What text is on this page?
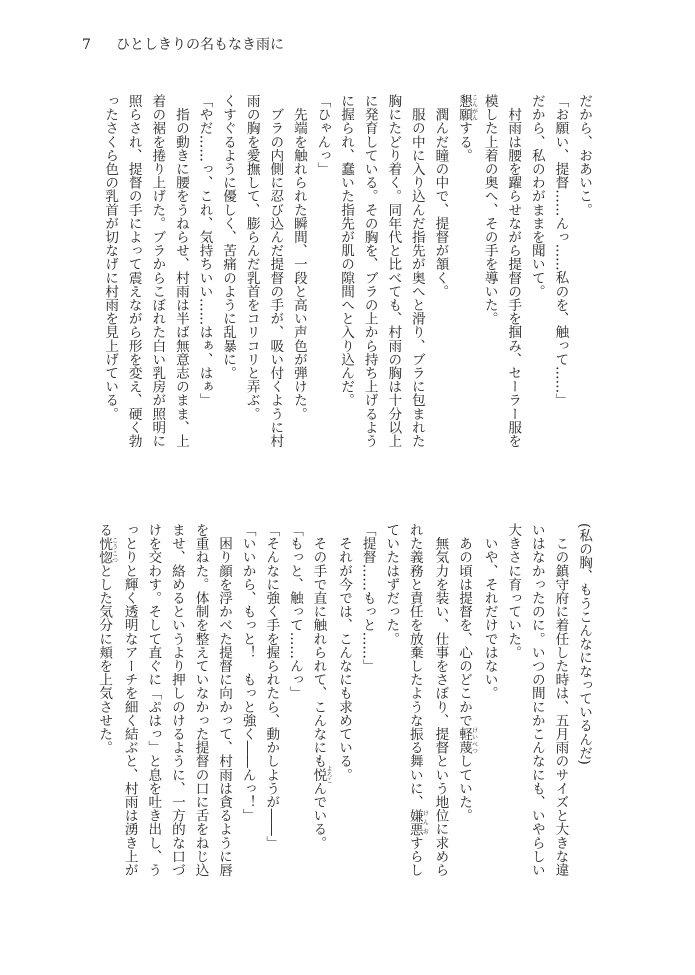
7 ひとしきりの名もなき雨に
だから、おあいこ。
「お願い、提督……んっ……私のを、触って……」
だから、私のわがままを聞いて。
　村雨は腰を躍らせながら提督の手を掴み、セーラー服を
模した上着の奥へ、その手を導いた。
懇願こんがんする。
　潤んだ瞳の中で、提督が頷く。
　服の中に入り込んだ指先が奥へと滑り、ブラに包まれた
胸にたどり着く。同年代と比べても、村雨の胸は十分以上
に発育している。その胸を、ブラの上から持ち上げるよう
に握られ、蠢いた指先が肌の隙間へと入り込んだ。
「ひゃんっ」
　先端を触れられた瞬間、一段と高い声色が弾けた。
　ブラの内側に忍び込んだ提督の手が、吸い付くように村
雨の胸を愛撫して、膨らんだ乳首をコリコリと弄ぶ。
くすぐるように優しく、苦痛のように乱暴に。
「やだ……っ、これ、気持ちいい……はぁ、はぁ」
　指の動きに腰をうねらせ、村雨は半ば無意志のまま、上
着の裾を捲り上げた。ブラからこぼれた白い乳房が照明に
照らされ、提督の手によって震えながら形を変え、硬く勃
ったさくら色の乳首が切なげに村雨を見上げている。
(私の胸、もうこんなになっているんだ)
　この鎮守府に着任した時は、五月雨のサイズと大きな違
いはなかったのに。いつの間にかこんなにも、いやらしい
大きさに育っていた。
　いや、それだけではない。
　あの頃は提督を、心のどこかで軽蔑けいべつしていた。
　無気力を装い、仕事をさぼり、提督という地位に求めら
れた義務と責任を放棄したような振る舞いに、嫌悪けんおすらし
ていたはずだった。
「提督……もっと……」
　それが今では、こんなにも求めている。
　その手で直に触れられて、こんなにも悦よろこんでいる。
「もっと、触って……んっ」
「そんなに強く手を握られたら、動かしようが――」
「いいから、もっと！　もっと強く――んっ！」
　困り顔を浮かべた提督に向かって、村雨は貪るように唇
を重ねた。体制を整えていなかった提督の口に舌をねじ込
ませ、絡めるというより押しのけるように、一方的な口づ
けを交わす。そして直ぐに「ぷはっ」と息を吐き出し、う
っとりと輝く透明なアーチを細く結ぶと、村雨は湧き上が
る恍惚こうこつとした気分に頬を上気させた。
